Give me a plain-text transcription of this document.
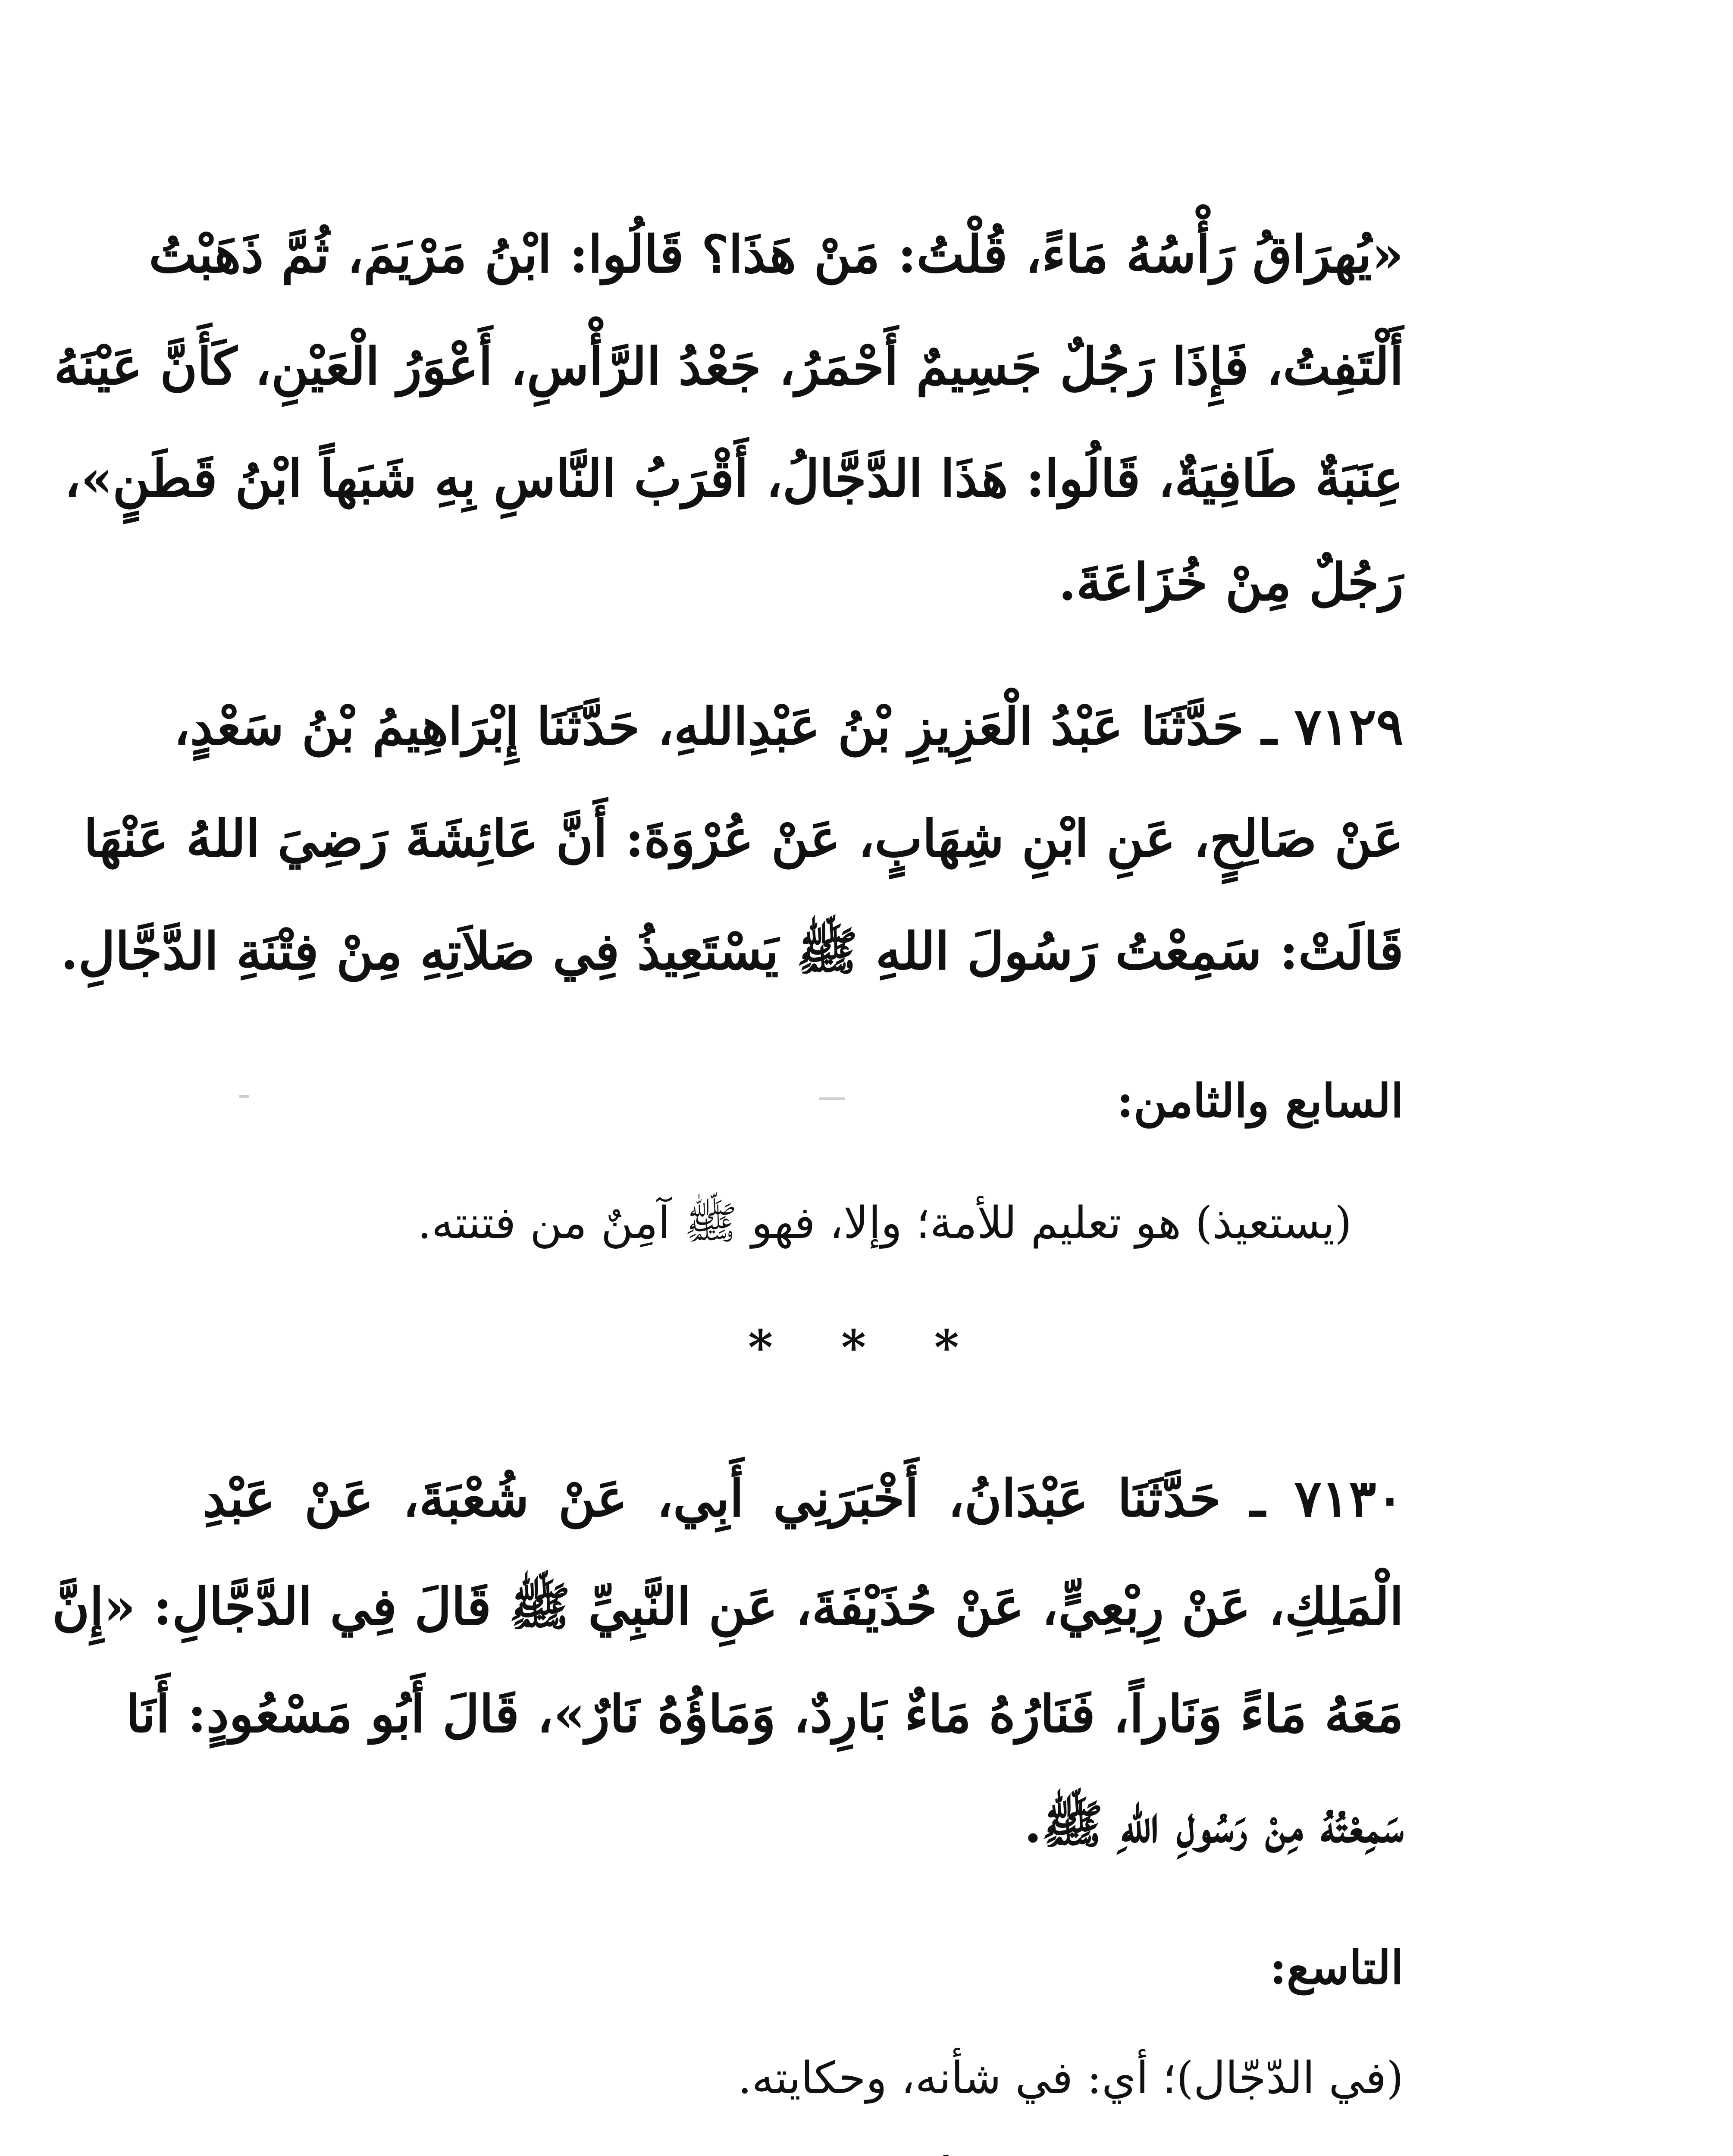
«يُهرَاقُ رَأْسُهُ مَاءً، قُلْتُ: مَنْ هَذَا؟ قَالُوا: ابْنُ مَرْيَمَ، ثُمَّ ذَهَبْتُ
أَلْتَفِتُ، فَإِذَا رَجُلٌ جَسِيمٌ أَحْمَرُ، جَعْدُ الرَّأْسِ، أَعْوَرُ الْعَيْنِ، كَأَنَّ عَيْنَهُ
عِنَبَةٌ طَافِيَةٌ، قَالُوا: هَذَا الدَّجَّالُ، أَقْرَبُ النَّاسِ بِهِ شَبَهاً ابْنُ قَطَنٍ»،
رَجُلٌ مِنْ خُزَاعَةَ.
٧١٢٩ ـ حَدَّثَنَا عَبْدُ الْعَزِيزِ بْنُ عَبْدِاللهِ، حَدَّثَنَا إِبْرَاهِيمُ بْنُ سَعْدٍ،
عَنْ صَالِحٍ، عَنِ ابْنِ شِهَابٍ، عَنْ عُرْوَةَ: أَنَّ عَائِشَةَ رَضِيَ اللهُ عَنْهَا
قَالَتْ: سَمِعْتُ رَسُولَ اللهِ ﷺ يَسْتَعِيذُ فِي صَلاَتِهِ مِنْ فِتْنَةِ الدَّجَّالِ.
السابع والثامن:
(يستعيذ) هو تعليم للأمة؛ وإلا، فهو ﷺ آمِنٌ من فتنته.
* * *
٧١٣٠ ـ حَدَّثَنَا عَبْدَانُ، أَخْبَرَنِي أَبِي، عَنْ شُعْبَةَ، عَنْ عَبْدِ
الْمَلِكِ، عَنْ رِبْعِيٍّ، عَنْ حُذَيْفَةَ، عَنِ النَّبِيِّ ﷺ قَالَ فِي الدَّجَّالِ: «إِنَّ
مَعَهُ مَاءً وَنَاراً، فَنَارُهُ مَاءٌ بَارِدٌ، وَمَاؤُهُ نَارٌ»، قَالَ أَبُو مَسْعُودٍ: أَنَا
سَمِعْتُهُ مِنْ رَسُولِ اللهِ ﷺ.
التاسع:
(في الدّجّال)؛ أي: في شأنه، وحكايته.
